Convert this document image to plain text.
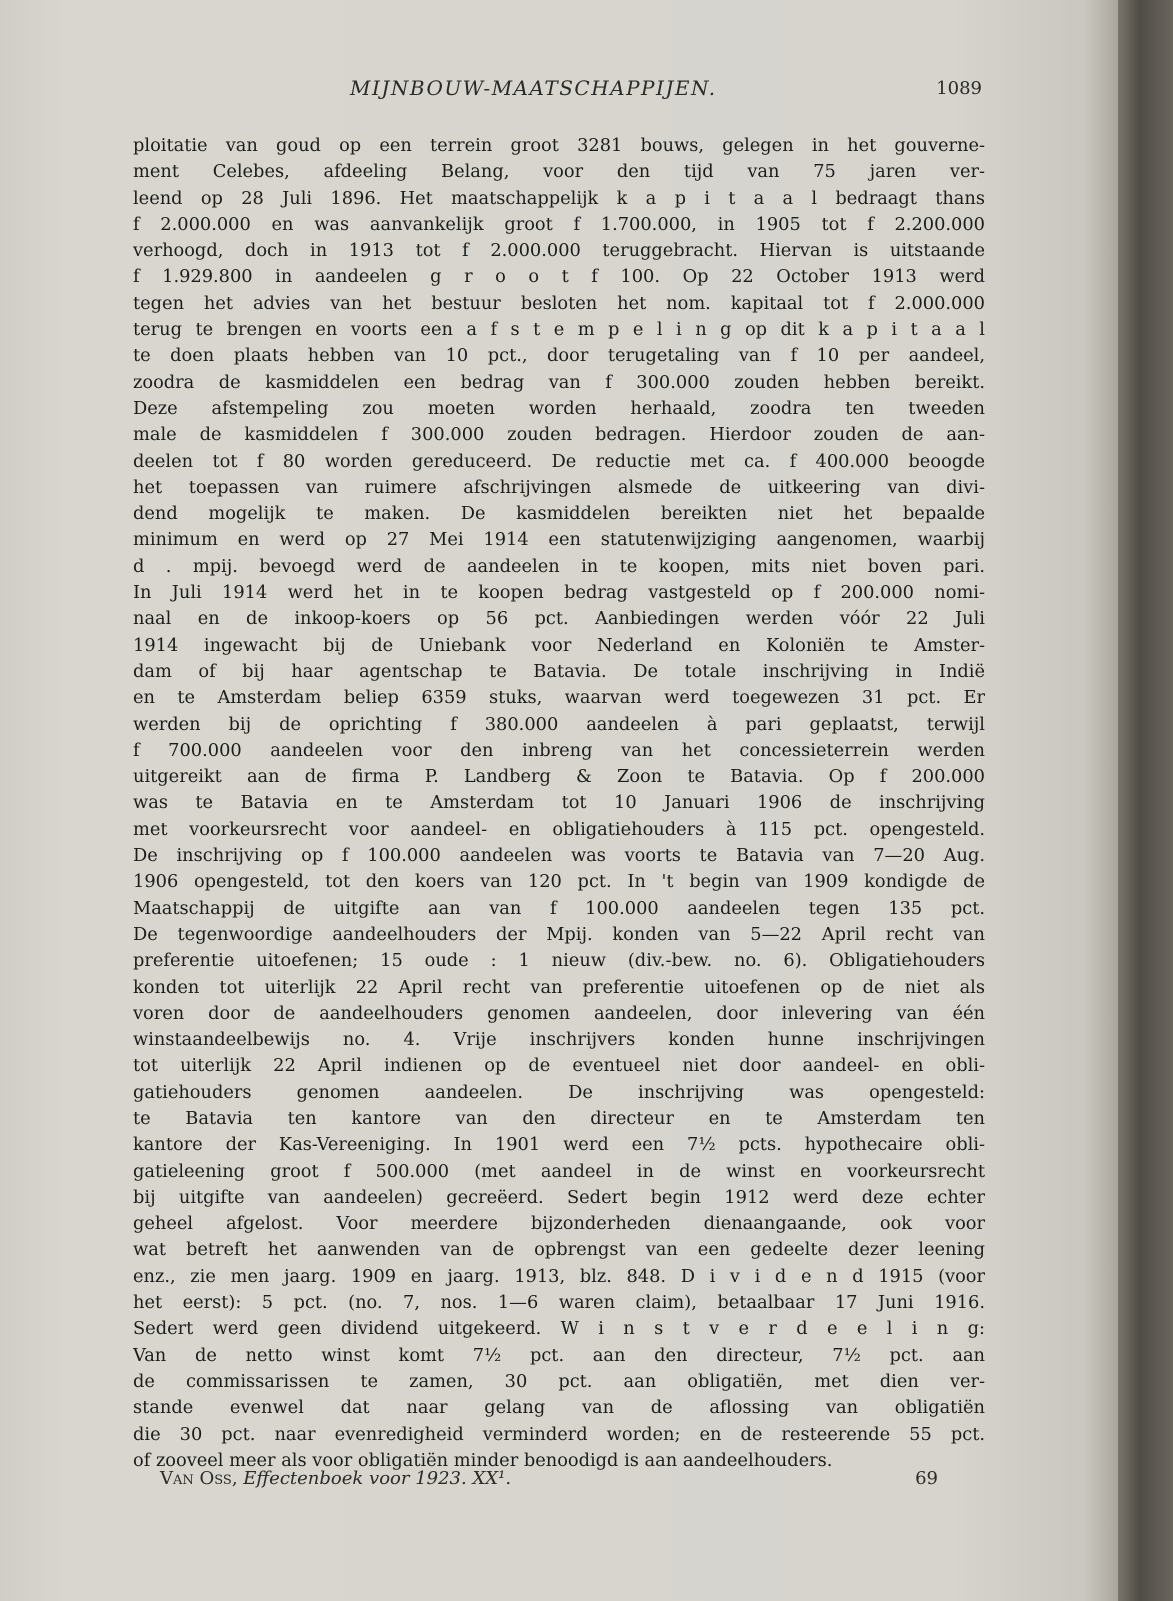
MIJNBOUW-MAATSCHAPPIJEN.	1089
ploitatie van goud op een terrein groot 3281 bouws, gelegen in het gouverne-
ment Celebes, afdeeling Belang, voor den tijd van 75 jaren ver-
leend op 28 Juli 1896. Het maatschappelijk k a p i t a a l bedraagt thans
f 2.000.000 en was aanvankelijk groot f 1.700.000, in 1905 tot f 2.200.000
verhoogd, doch in 1913 tot f 2.000.000 teruggebracht. Hiervan is uitstaande
f 1.929.800 in aandeelen g r o o t f 100. Op 22 October 1913 werd
tegen het advies van het bestuur besloten het nom. kapitaal tot f 2.000.000
terug te brengen en voorts een a f s t e m p e l i n g op dit k a p i t a a l
te doen plaats hebben van 10 pct., door terugetaling van f 10 per aandeel,
zoodra de kasmiddelen een bedrag van f 300.000 zouden hebben bereikt.
Deze afstempeling zou moeten worden herhaald, zoodra ten tweeden
male de kasmiddelen f 300.000 zouden bedragen. Hierdoor zouden de aan-
deelen tot f 80 worden gereduceerd. De reductie met ca. f 400.000 beoogde
het toepassen van ruimere afschrijvingen alsmede de uitkeering van divi-
dend mogelijk te maken. De kasmiddelen bereikten niet het bepaalde
minimum en werd op 27 Mei 1914 een statutenwijziging aangenomen, waarbij
d . mpij. bevoegd werd de aandeelen in te koopen, mits niet boven pari.
In Juli 1914 werd het in te koopen bedrag vastgesteld op f 200.000 nomi-
naal en de inkoop-koers op 56 pct. Aanbiedingen werden vóór 22 Juli
1914 ingewacht bij de Uniebank voor Nederland en Koloniën te Amster-
dam of bij haar agentschap te Batavia. De totale inschrijving in Indië
en te Amsterdam beliep 6359 stuks, waarvan werd toegewezen 31 pct. Er
werden bij de oprichting f 380.000 aandeelen à pari geplaatst, terwijl
f 700.000 aandeelen voor den inbreng van het concessieterrein werden
uitgereikt aan de firma P. Landberg & Zoon te Batavia. Op f 200.000
was te Batavia en te Amsterdam tot 10 Januari 1906 de inschrijving
met voorkeursrecht voor aandeel- en obligatiehouders à 115 pct. opengesteld.
De inschrijving op f 100.000 aandeelen was voorts te Batavia van 7—20 Aug.
1906 opengesteld, tot den koers van 120 pct. In 't begin van 1909 kondigde de
Maatschappij de uitgifte aan van f 100.000 aandeelen tegen 135 pct.
De tegenwoordige aandeelhouders der Mpij. konden van 5—22 April recht van
preferentie uitoefenen; 15 oude : 1 nieuw (div.-bew. no. 6). Obligatiehouders
konden tot uiterlijk 22 April recht van preferentie uitoefenen op de niet als
voren door de aandeelhouders genomen aandeelen, door inlevering van één
winstaandeelbewijs no. 4. Vrije inschrijvers konden hunne inschrijvingen
tot uiterlijk 22 April indienen op de eventueel niet door aandeel- en obli-
gatiehouders genomen aandeelen. De inschrijving was opengesteld:
te Batavia ten kantore van den directeur en te Amsterdam ten
kantore der Kas-Vereeniging. In 1901 werd een 7½ pcts. hypothecaire obli-
gatieleening groot f 500.000 (met aandeel in de winst en voorkeursrecht
bij uitgifte van aandeelen) gecreëerd. Sedert begin 1912 werd deze echter
geheel afgelost. Voor meerdere bijzonderheden dienaangaande, ook voor
wat betreft het aanwenden van de opbrengst van een gedeelte dezer leening
enz., zie men jaarg. 1909 en jaarg. 1913, blz. 848. D i v i d e n d 1915 (voor
het eerst): 5 pct. (no. 7, nos. 1—6 waren claim), betaalbaar 17 Juni 1916.
Sedert werd geen dividend uitgekeerd. W i n s t v e r d e e l i n g:
Van de netto winst komt 7½ pct. aan den directeur, 7½ pct. aan
de commissarissen te zamen, 30 pct. aan obligatiën, met dien ver-
stande evenwel dat naar gelang van de aflossing van obligatiën
die 30 pct. naar evenredigheid verminderd worden; en de resteerende 55 pct.
of zooveel meer als voor obligatiën minder benoodigd is aan aandeelhouders.
Van Oss, Effectenboek voor 1923. XX¹.	69
